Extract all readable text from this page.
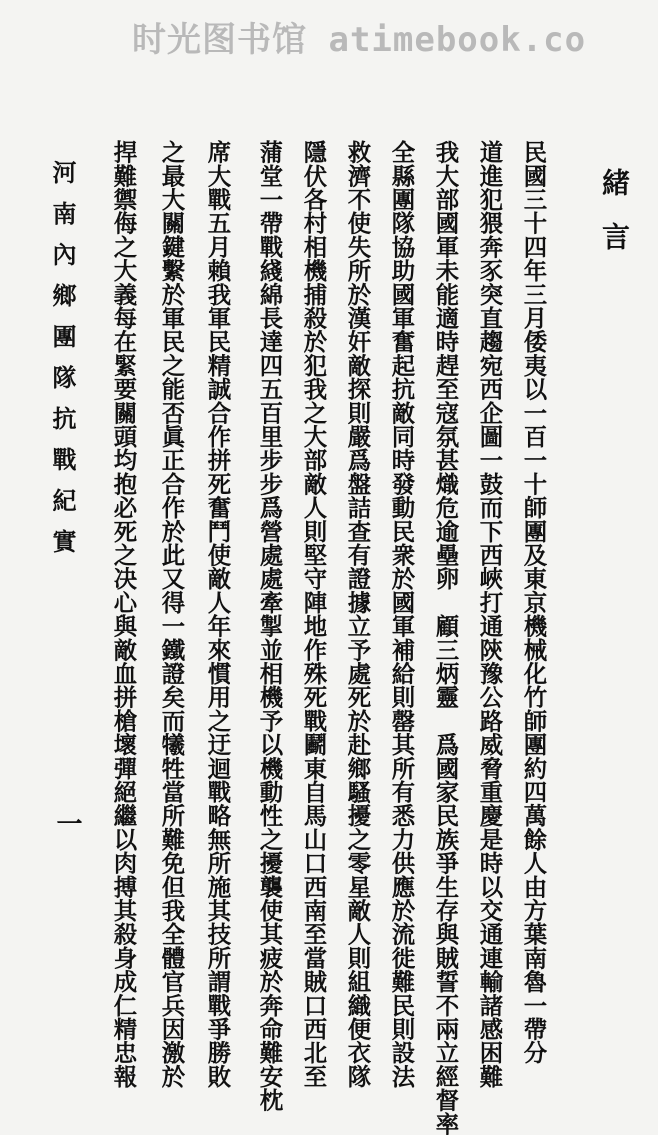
时光图书馆 atimebook.co
緒言
民國三十四年三月倭夷以一百一十師團及東京機械化竹師團約四萬餘人由方葉南魯一帶分
道進犯猥奔豕突直趨宛西企圖一鼓而下西峽打通陝豫公路威脅重慶是時以交通連輸諸感困難
我大部國軍未能適時趕至寇氛甚熾危逾壘卵　顧三炳靈　爲國家民族爭生存與賊誓不兩立經督率
全縣團隊協助國軍奮起抗敵同時發動民衆於國軍補給則罄其所有悉力供應於流徙難民則設法
救濟不使失所於漢奸敵探則嚴爲盤詰查有證據立予處死於赴鄉騷擾之零星敵人則組織便衣隊
隱伏各村相機捕殺於犯我之大部敵人則堅守陣地作殊死戰鬬東自馬山口西南至當賊口西北至
蒲堂一帶戰綫綿長達四五百里步步爲營處處牽掣並相機予以機動性之擾襲使其疲於奔命難安枕
席大戰五月賴我軍民精誠合作拼死奮鬥使敵人年來慣用之迂迴戰略無所施其技所謂戰爭勝敗
之最大關鍵繫於軍民之能否眞正合作於此又得一鐵證矣而犧牲當所難免但我全體官兵因激於
捍難禦侮之大義每在緊要關頭均抱必死之决心與敵血拼槍壞彈絕繼以肉搏其殺身成仁精忠報
河南內鄉團隊抗戰紀實
一
